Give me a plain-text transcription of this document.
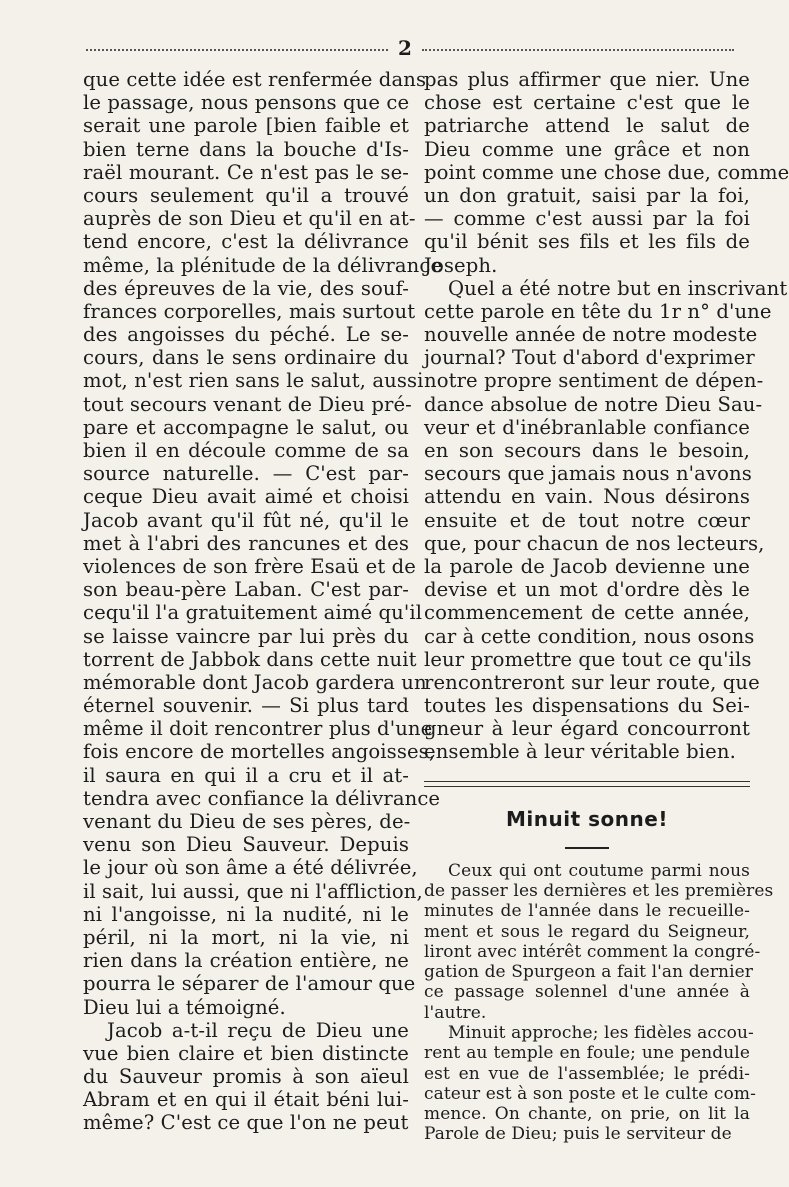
2
que cette idée est renfermée dans
le passage, nous pensons que ce
serait une parole [bien faible et
bien terne dans la bouche d'Is-
raël mourant. Ce n'est pas le se-
cours seulement qu'il a trouvé
auprès de son Dieu et qu'il en at-
tend encore, c'est la délivrance
même, la plénitude de la délivrance
des épreuves de la vie, des souf-
frances corporelles, mais surtout
des angoisses du péché. Le se-
cours, dans le sens ordinaire du
mot, n'est rien sans le salut, aussi
tout secours venant de Dieu pré-
pare et accompagne le salut, ou
bien il en découle comme de sa
source naturelle. — C'est par-
ceque Dieu avait aimé et choisi
Jacob avant qu'il fût né, qu'il le
met à l'abri des rancunes et des
violences de son frère Esaü et de
son beau-père Laban. C'est par-
cequ'il l'a gratuitement aimé qu'il
se laisse vaincre par lui près du
torrent de Jabbok dans cette nuit
mémorable dont Jacob gardera un
éternel souvenir. — Si plus tard
même il doit rencontrer plus d'une
fois encore de mortelles angoisses,
il saura en qui il a cru et il at-
tendra avec confiance la délivrance
venant du Dieu de ses pères, de-
venu son Dieu Sauveur. Depuis
le jour où son âme a été délivrée,
il sait, lui aussi, que ni l'affliction,
ni l'angoisse, ni la nudité, ni le
péril, ni la mort, ni la vie, ni
rien dans la création entière, ne
pourra le séparer de l'amour que
Dieu lui a témoigné.
Jacob a-t-il reçu de Dieu une
vue bien claire et bien distincte
du Sauveur promis à son aïeul
Abram et en qui il était béni lui-
même? C'est ce que l'on ne peut
pas plus affirmer que nier. Une
chose est certaine c'est que le
patriarche attend le salut de
Dieu comme une grâce et non
point comme une chose due, comme
un don gratuit, saisi par la foi,
— comme c'est aussi par la foi
qu'il bénit ses fils et les fils de
Joseph.
Quel a été notre but en inscrivant
cette parole en tête du 1r n° d'une
nouvelle année de notre modeste
journal? Tout d'abord d'exprimer
notre propre sentiment de dépen-
dance absolue de notre Dieu Sau-
veur et d'inébranlable confiance
en son secours dans le besoin,
secours que jamais nous n'avons
attendu en vain. Nous désirons
ensuite et de tout notre cœur
que, pour chacun de nos lecteurs,
la parole de Jacob devienne une
devise et un mot d'ordre dès le
commencement de cette année,
car à cette condition, nous osons
leur promettre que tout ce qu'ils
rencontreront sur leur route, que
toutes les dispensations du Sei-
gneur à leur égard concourront
ensemble à leur véritable bien.
Minuit sonne!
Ceux qui ont coutume parmi nous
de passer les dernières et les premières
minutes de l'année dans le recueille-
ment et sous le regard du Seigneur,
liront avec intérêt comment la congré-
gation de Spurgeon a fait l'an dernier
ce passage solennel d'une année à
l'autre.
Minuit approche; les fidèles accou-
rent au temple en foule; une pendule
est en vue de l'assemblée; le prédi-
cateur est à son poste et le culte com-
mence. On chante, on prie, on lit la
Parole de Dieu; puis le serviteur de
